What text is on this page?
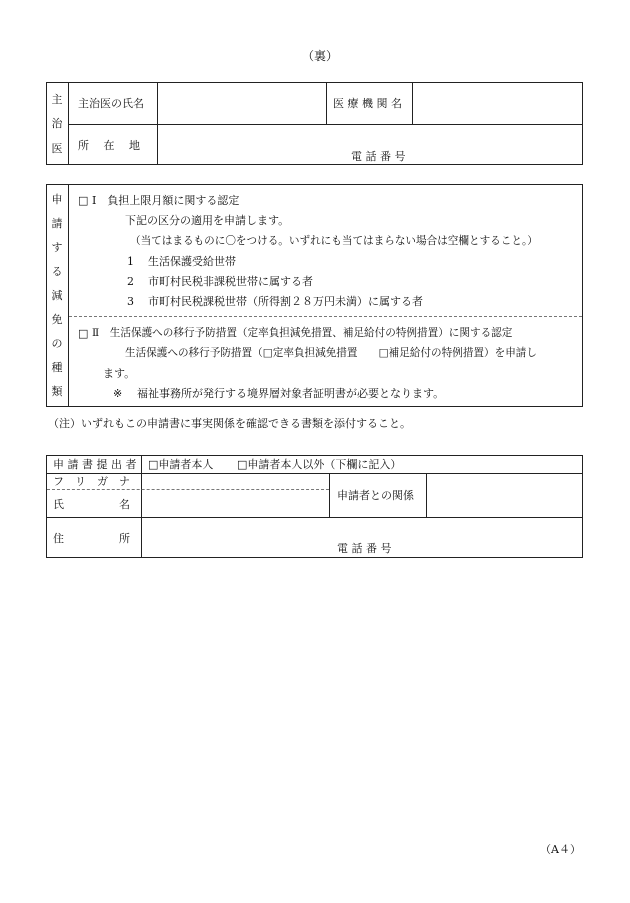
（裏）
主
治
医
主治医の氏名	医 療 機 関 名
所　 在 　地
電 話 番 号
申
請
す
る
減
免
の
種
類
□ Ⅰ　負担上限月額に関する認定
下記の区分の適用を申請します。
（当てはまるものに〇をつける。いずれにも当てはまらない場合は空欄とすること。）
1 生活保護受給世帯
2 市町村民税非課税世帯に属する者
3 市町村民税課税世帯（所得割２８万円未満）に属する者
□ Ⅱ　生活保護への移行予防措置（定率負担減免措置、補足給付の特例措置）に関する認定
生活保護への移行予防措置（□定率負担減免措置　　□補足給付の特例措置）を申請し
ます。
※ 福祉事務所が発行する境界層対象者証明書が必要となります。
（注）いずれもこの申請書に事実関係を確認できる書類を添付すること。
申 請 書 提 出 者 □申請者本人 □申請者本人以外（下欄に記入）
フ　リ　ガ　ナ
氏　　　　　名
申請者との関係
住　　　　　所
電 話 番 号
（A４）
